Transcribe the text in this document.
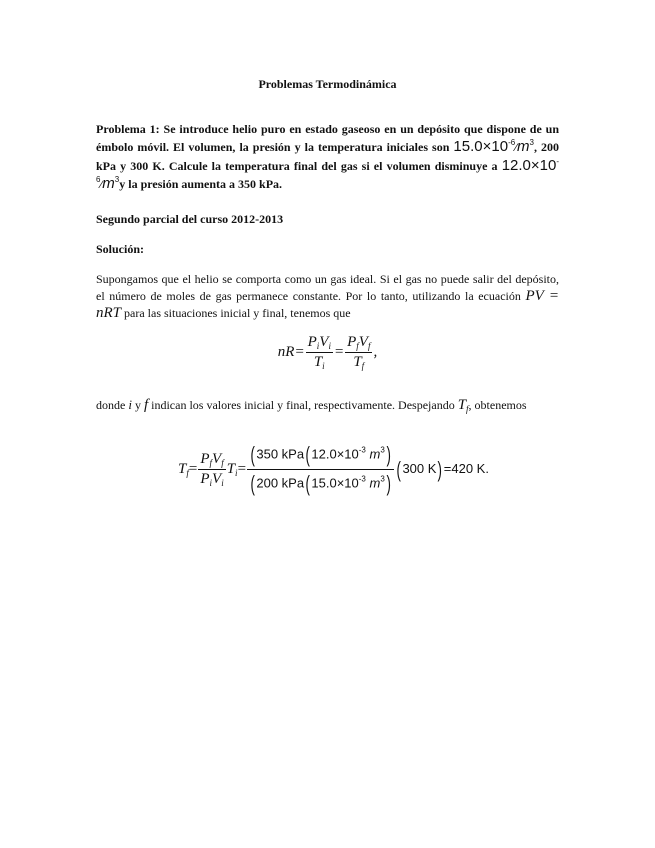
Problemas Termodinámica
Problema 1: Se introduce helio puro en estado gaseoso en un depósito que dispone de un émbolo móvil. El volumen, la presión y la temperatura iniciales son $15.0\times 10^{-6}⁄m^3$, 200 kPa y 300 K. Calcule la temperatura final del gas si el volumen disminuye a $12.0\times 10^{-6}⁄m^3y$ la presión aumenta a 350 kPa.
Segundo parcial del curso 2012-2013
Solución:
Supongamos que el helio se comporta como un gas ideal. Si el gas no puede salir del depósito, el número de moles de gas permanece constante. Por lo tanto, utilizando la ecuación PV = nRT para las situaciones inicial y final, tenemos que
$nR= \frac{P_iV_i}{T_i} = \frac{P_fV_f}{T_f}$ ,
donde i y f indican los valores inicial y final, respectivamente. Despejando $T_f$, obtenemos
$T_f= \frac{P_fV_f}{P_iV_i} T_i= \frac{(350 kPa(12.0\times 10^{-3} m^3)}{(200 kPa(15.0\times 10^{-3} m^3)} (300$ K)=420 K.
